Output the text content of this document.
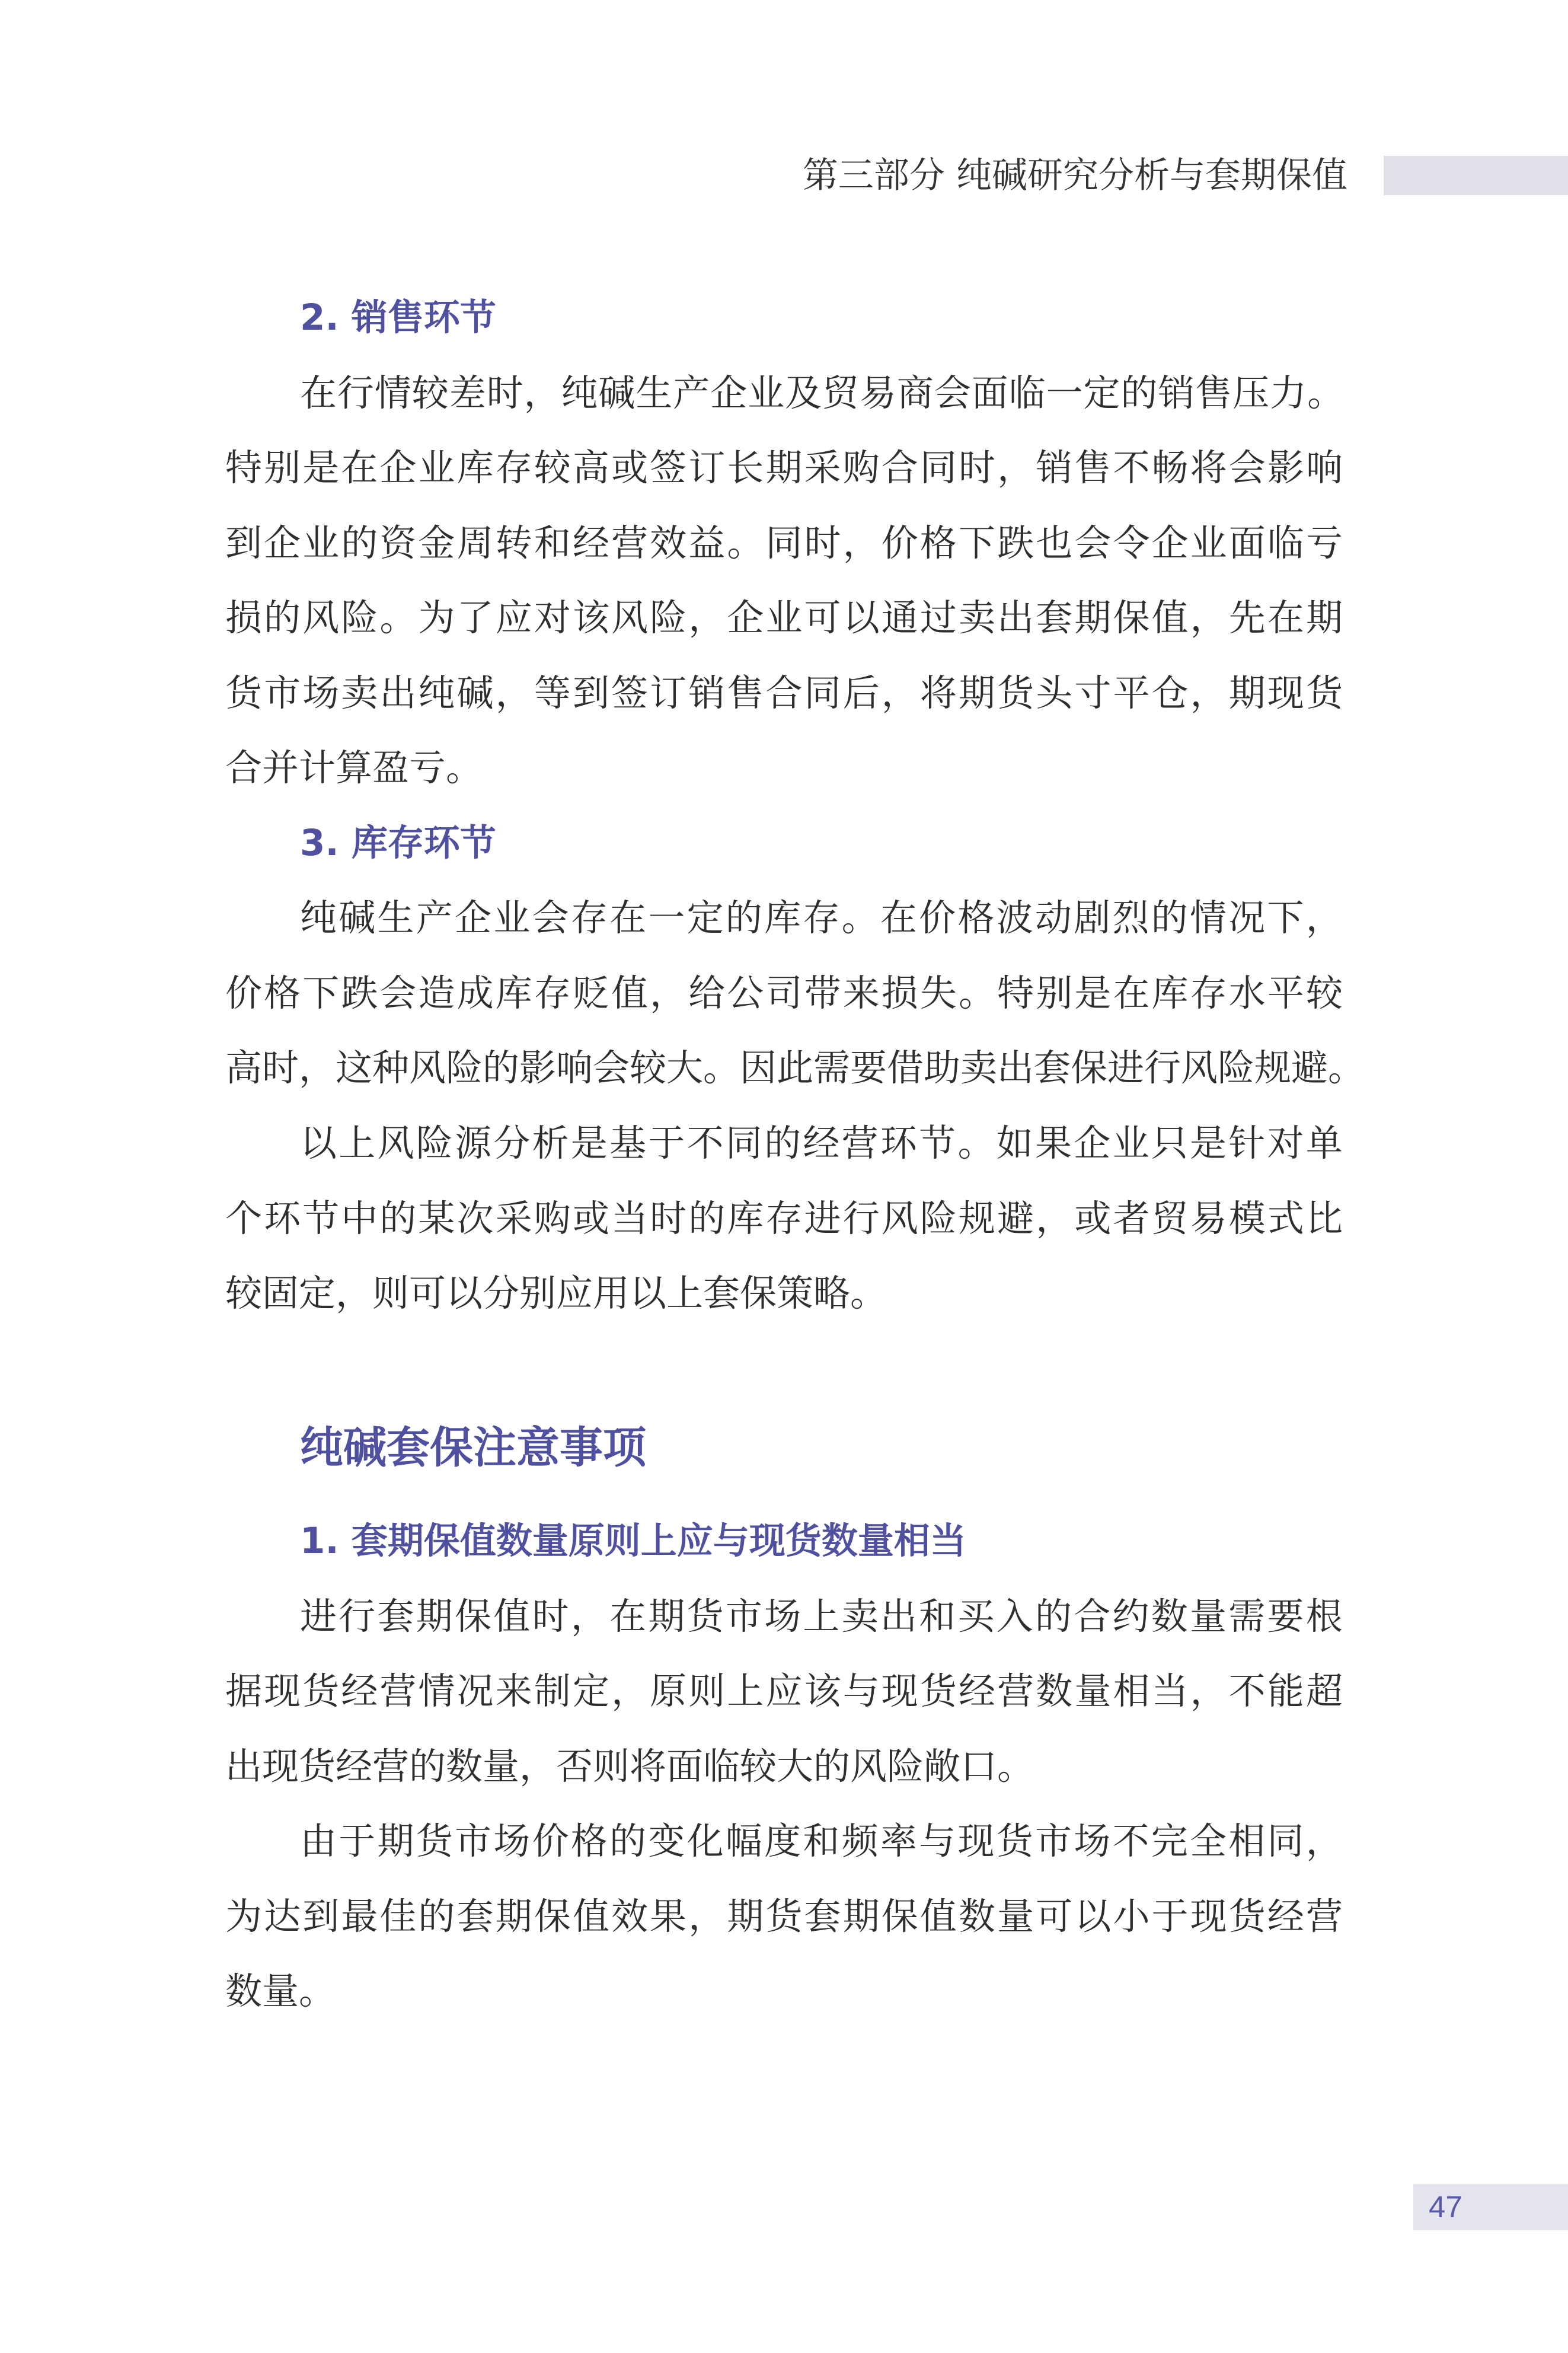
第三部分 纯碱研究分析与套期保值
2. 销售环节
在行情较差时，纯碱生产企业及贸易商会面临一定的销售压力。
特别是在企业库存较高或签订长期采购合同时，销售不畅将会影响
到企业的资金周转和经营效益。同时，价格下跌也会令企业面临亏
损的风险。为了应对该风险，企业可以通过卖出套期保值，先在期
货市场卖出纯碱，等到签订销售合同后，将期货头寸平仓，期现货
合并计算盈亏。
3. 库存环节
纯碱生产企业会存在一定的库存。在价格波动剧烈的情况下，
价格下跌会造成库存贬值，给公司带来损失。特别是在库存水平较
高时，这种风险的影响会较大。因此需要借助卖出套保进行风险规避。
以上风险源分析是基于不同的经营环节。如果企业只是针对单
个环节中的某次采购或当时的库存进行风险规避，或者贸易模式比
较固定，则可以分别应用以上套保策略。
纯碱套保注意事项
1. 套期保值数量原则上应与现货数量相当
进行套期保值时，在期货市场上卖出和买入的合约数量需要根
据现货经营情况来制定，原则上应该与现货经营数量相当，不能超
出现货经营的数量，否则将面临较大的风险敞口。
由于期货市场价格的变化幅度和频率与现货市场不完全相同，
为达到最佳的套期保值效果，期货套期保值数量可以小于现货经营
数量。
47
